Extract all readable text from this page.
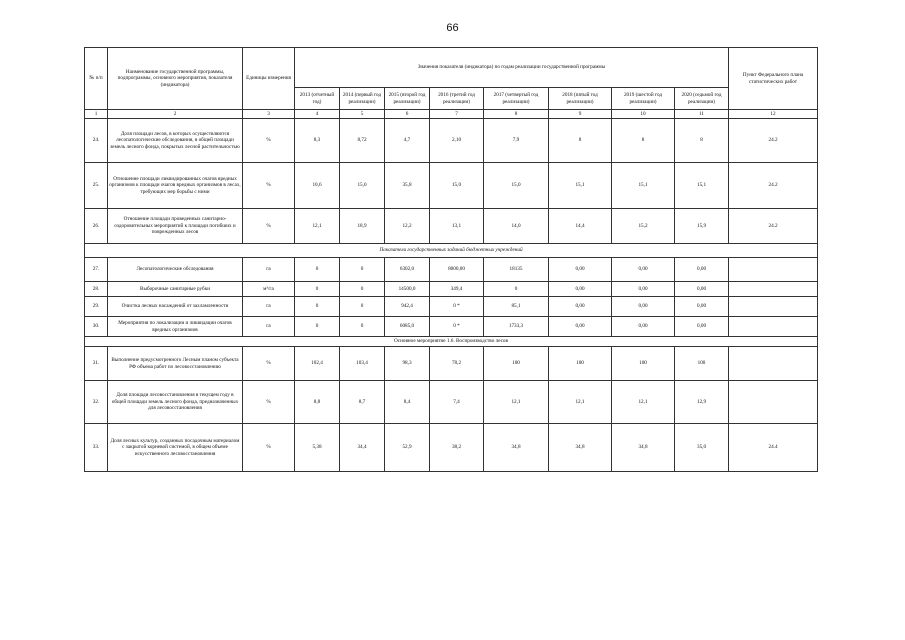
66
№ п/п	Наименование государственной программы, подпрограммы, основного мероприятия, показателя (индикатора)	Единицы измерения	Значения показателя (индикатора) по годам реализации государственной программы								Пункт Федерального плана статистических работ
			2013 (отчетный год)	2014 (первый год реализации)	2015 (второй год реализации)	2016 (третий год реализации)	2017 (четвертый год реализации)	2018 (пятый год реализации)	2019 (шестой год реализации)	2020 (седьмой год реализации)	
1	2	3	4	5	6	7	8	9	10	11	12
24.	Доля площади лесов, в которых осуществляются лесопатологические обследования, в общей площади земель лесного фонда, покрытых лесной растительностью	%	8,3	8,72	4,7	2,10	7,9	8	8	8	24.2
25.	Отношение площади ликвидированных очагов вредных организмов к площади очагов вредных организмов в лесах, требующих мер борьбы с ними	%	10,6	15,0	35,8	15,0	15,0	15,1	15,1	15,1	24.2
26.	Отношение площади проведенных санитарно-оздоровительных мероприятий к площади погибших и поврежденных лесов	%	12,1	18,9	12,2	13,1	14,0	14,4	15,2	15,9	24.2
Показатели государственных заданий бюджетных учреждений											
27.	Лесопатологические обследования	га	0	0	6302,0	8000,00	18135	0,00	0,00	0,00	
28.	Выборочные санитарные рубки	м³/га	0	0	14500,0	349,4	0	0,00	0,00	0,00	
29.	Очистка лесных насаждений от захламленности	га	0	0	942,4	0 *	85,1	0,00	0,00	0,00	
30.	Мероприятия по локализации и ликвидации очагов вредных организмов	га	0	0	6085,0	0 *	1733,3	0,00	0,00	0,00	
Основное мероприятие 1.6. Воспроизводство лесов											
31.	Выполнение предусмотренного Лесным планом субъекта РФ объема работ по лесовосстановлению	%	102,4	103,4	98,3	78,2	100	100	100	100	
32.	Доля площади лесовосстановления в текущем году в общей площади земель лесного фонда, предназначенных для лесовосстановления	%	8,8	8,7	8,4	7,4	12,1	12,1	12,1	12,9	
33.	Доля лесных культур, созданных посадочным материалом с закрытой корневой системой, в общем объеме искусственного лесовосстановления	%	5,38	34,4	52,9	38,2	34,8	34,8	34,8	35,0	24.4
